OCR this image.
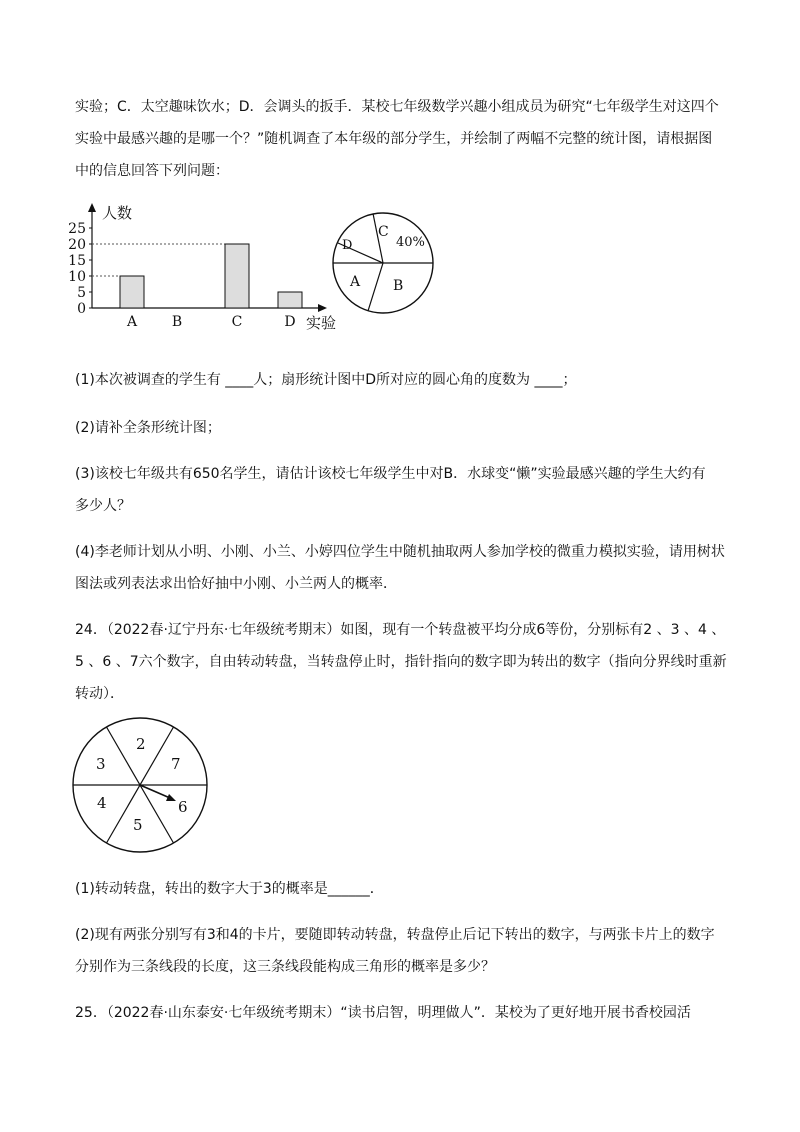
实验；C．太空趣味饮水；D．会调头的扳手．某校七年级数学兴趣小组成员为研究“七年级学生对这四个
实验中最感兴趣的是哪一个？”随机调查了本年级的部分学生，并绘制了两幅不完整的统计图，请根据图
中的信息回答下列问题：
人数
实验
0
5
10
15
20
25
A B	C	D
C
40%
D
A B
(1)本次被调查的学生有 ____人；扇形统计图中D所对应的圆心角的度数为 ____；
(2)请补全条形统计图；
(3)该校七年级共有650名学生，请估计该校七年级学生中对B．水球变“懒”实验最感兴趣的学生大约有
多少人？
(4)李老师计划从小明、小刚、小兰、小婷四位学生中随机抽取两人参加学校的微重力模拟实验，请用树状
图法或列表法求出恰好抽中小刚、小兰两人的概率．
24．（2022春·辽宁丹东·七年级统考期末）如图，现有一个转盘被平均分成6等份，分别标有2 、3 、4 、
5 、6 、7六个数字，自由转动转盘，当转盘停止时，指针指向的数字即为转出的数字（指向分界线时重新
转动）．
2
7
6
5
4
3
(1)转动转盘，转出的数字大于3的概率是______．
(2)现有两张分别写有3和4的卡片，要随即转动转盘，转盘停止后记下转出的数字，与两张卡片上的数字
分别作为三条线段的长度，这三条线段能构成三角形的概率是多少？
25．（2022春·山东泰安·七年级统考期末）“读书启智，明理做人”．某校为了更好地开展书香校园活
